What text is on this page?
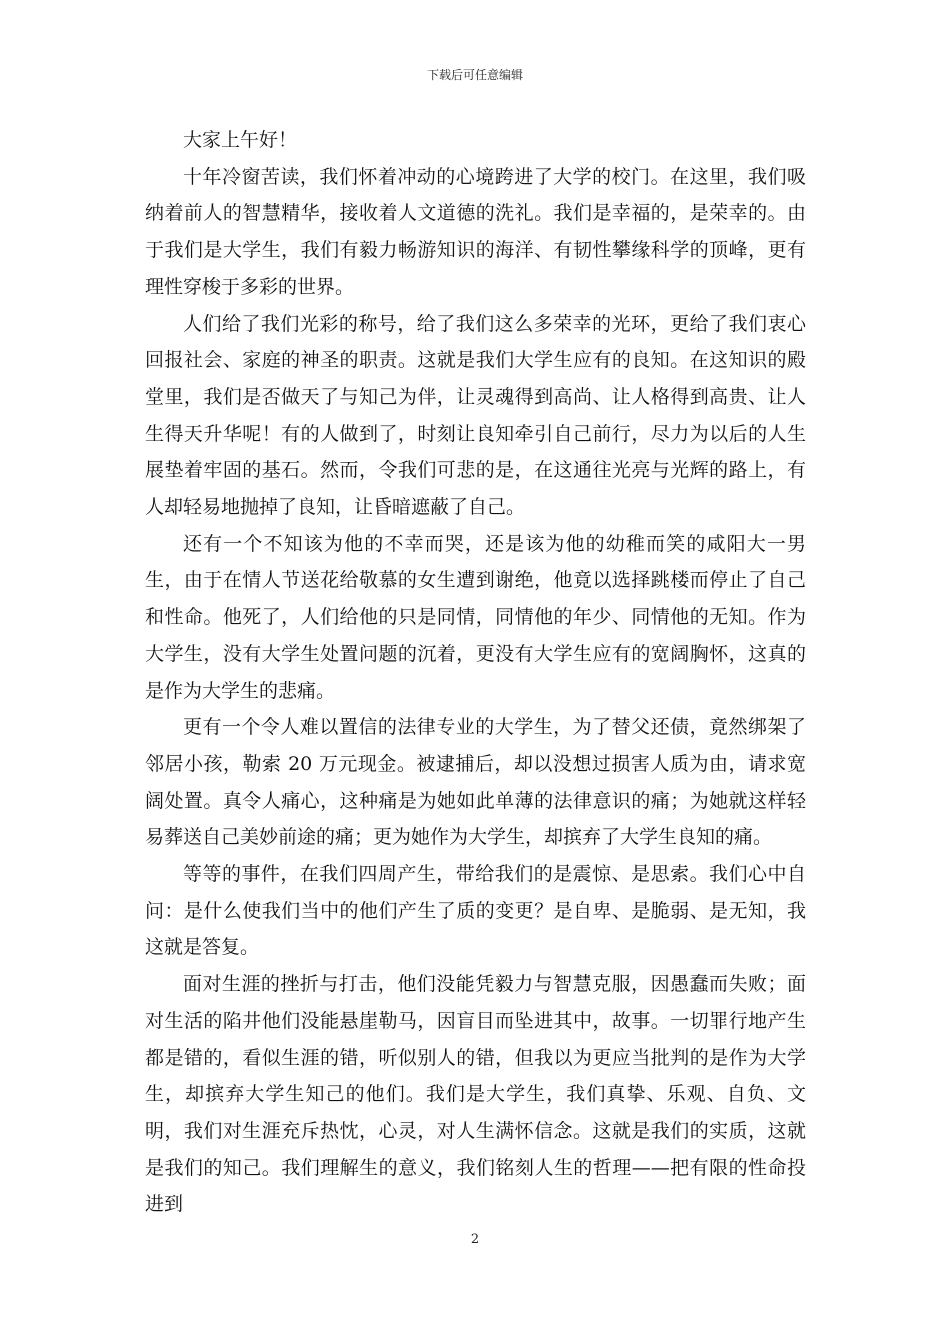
下载后可任意编辑

大家上午好！

十年冷窗苦读，我们怀着冲动的心境跨进了大学的校门。在这里，我们吸纳着前人的智慧精华，接收着人文道德的洗礼。我们是幸福的，是荣幸的。由于我们是大学生，我们有毅力畅游知识的海洋、有韧性攀缘科学的顶峰，更有理性穿梭于多彩的世界。

人们给了我们光彩的称号，给了我们这么多荣幸的光环，更给了我们衷心回报社会、家庭的神圣的职责。这就是我们大学生应有的良知。在这知识的殿堂里，我们是否做天了与知己为伴，让灵魂得到高尚、让人格得到高贵、让人生得天升华呢！有的人做到了，时刻让良知牵引自己前行，尽力为以后的人生展垫着牢固的基石。然而，令我们可悲的是，在这通往光亮与光辉的路上，有人却轻易地抛掉了良知，让昏暗遮蔽了自己。

还有一个不知该为他的不幸而哭，还是该为他的幼稚而笑的咸阳大一男生，由于在情人节送花给敬慕的女生遭到谢绝，他竟以选择跳楼而停止了自己和性命。他死了，人们给他的只是同情，同情他的年少、同情他的无知。作为大学生，没有大学生处置问题的沉着，更没有大学生应有的宽阔胸怀，这真的是作为大学生的悲痛。

更有一个令人难以置信的法律专业的大学生，为了替父还债，竟然绑架了邻居小孩，勒索 20 万元现金。被逮捕后，却以没想过损害人质为由，请求宽阔处置。真令人痛心，这种痛是为她如此单薄的法律意识的痛；为她就这样轻易葬送自己美妙前途的痛；更为她作为大学生，却摈弃了大学生良知的痛。

等等的事件，在我们四周产生，带给我们的是震惊、是思索。我们心中自问：是什么使我们当中的他们产生了质的变更？是自卑、是脆弱、是无知，我这就是答复。

面对生涯的挫折与打击，他们没能凭毅力与智慧克服，因愚蠢而失败；面对生活的陷井他们没能悬崖勒马，因盲目而坠进其中，故事。一切罪行地产生都是错的，看似生涯的错，听似别人的错，但我以为更应当批判的是作为大学生，却摈弃大学生知己的他们。我们是大学生，我们真挚、乐观、自负、文明，我们对生涯充斥热忱，心灵，对人生满怀信念。这就是我们的实质，这就是我们的知己。我们理解生的意义，我们铭刻人生的哲理——把有限的性命投进到

2
